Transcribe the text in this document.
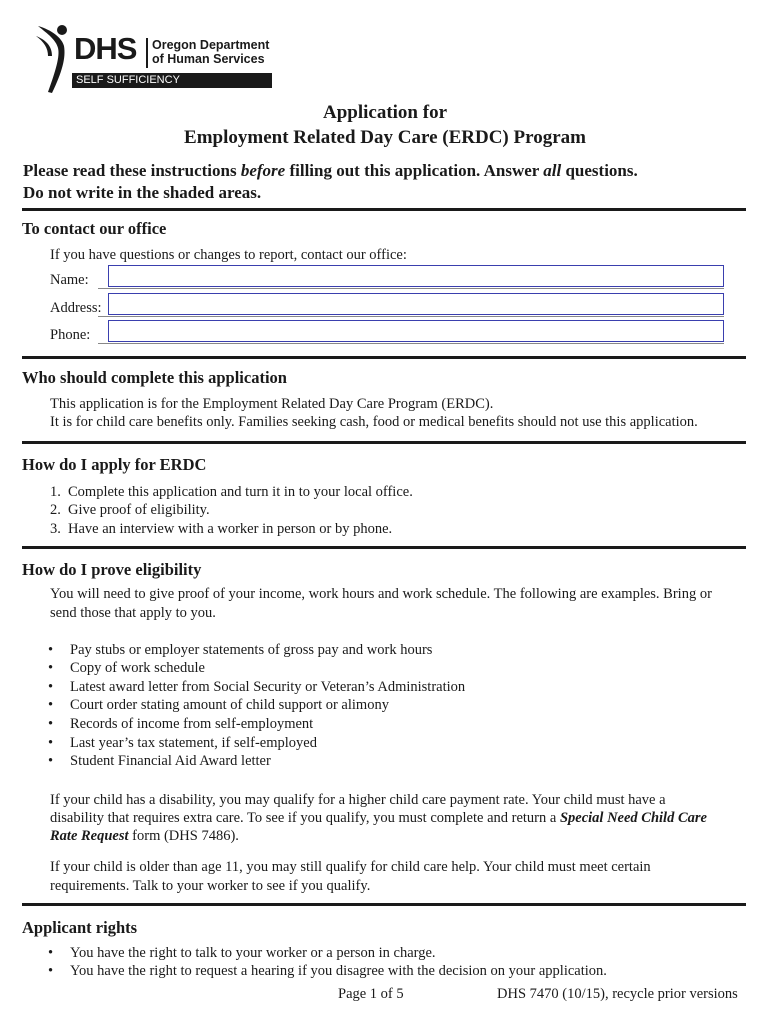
DHS Oregon Department
of Human Services
SELF SUFFICIENCY
Application for
Employment Related Day Care (ERDC) Program
Please read these instructions before filling out this application. Answer all questions.
Do not write in the shaded areas.
To contact our office
If you have questions or changes to report, contact our office:
Name:
Address:
Phone:
Who should complete this application
This application is for the Employment Related Day Care Program (ERDC).
It is for child care benefits only. Families seeking cash, food or medical benefits should not use this application.
How do I apply for ERDC
1. Complete this application and turn it in to your local office.
2. Give proof of eligibility.
3. Have an interview with a worker in person or by phone.
How do I prove eligibility
You will need to give proof of your income, work hours and work schedule. The following are examples. Bring or
send those that apply to you.
• Pay stubs or employer statements of gross pay and work hours
• Copy of work schedule
• Latest award letter from Social Security or Veteran’s Administration
• Court order stating amount of child support or alimony
• Records of income from self-employment
• Last year’s tax statement, if self-employed
• Student Financial Aid Award letter
If your child has a disability, you may qualify for a higher child care payment rate. Your child must have a
disability that requires extra care. To see if you qualify, you must complete and return a Special Need Child Care
Rate Request form (DHS 7486).
If your child is older than age 11, you may still qualify for child care help. Your child must meet certain
requirements. Talk to your worker to see if you qualify.
Applicant rights
• You have the right to talk to your worker or a person in charge.
• You have the right to request a hearing if you disagree with the decision on your application.
Page 1 of 5	DHS 7470 (10/15), recycle prior versions
